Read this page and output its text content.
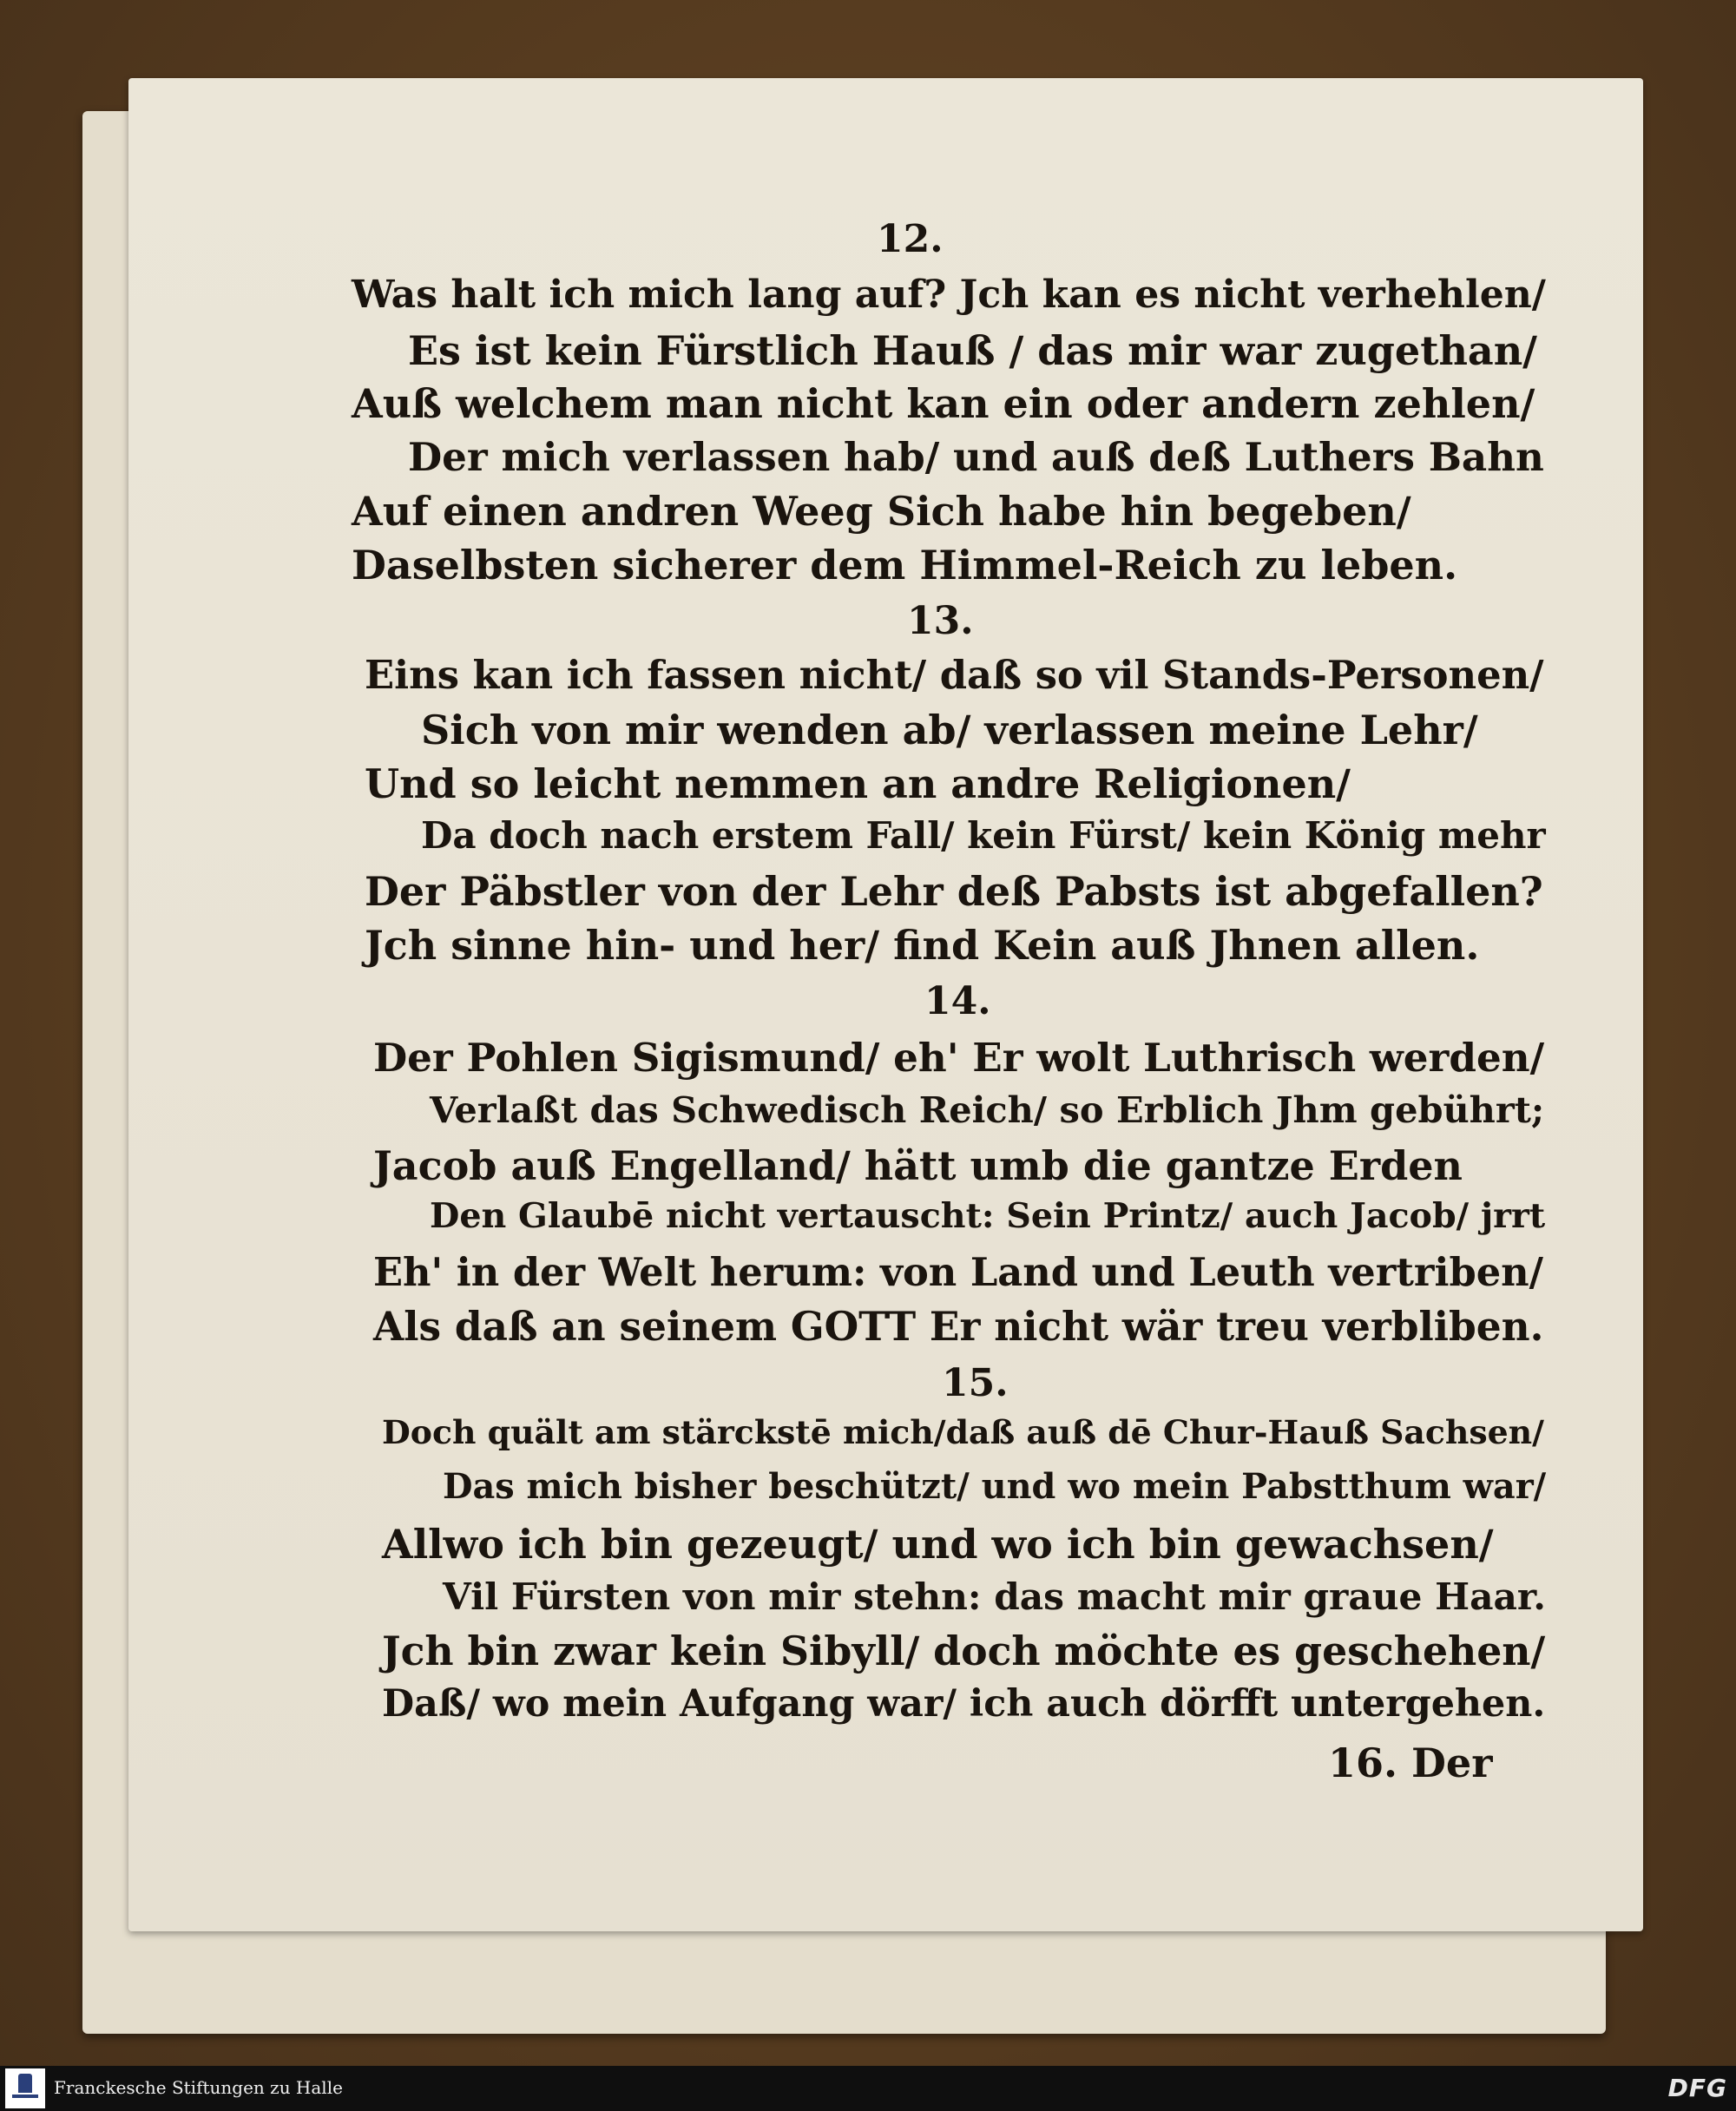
12.
Was halt ich mich lang auf? Jch kan es nicht verhehlen/
Es ist kein Fürstlich Hauß / das mir war zugethan/
Auß welchem man nicht kan ein oder andern zehlen/
Der mich verlassen hab/ und auß deß Luthers Bahn
Auf einen andren Weeg Sich habe hin begeben/
Daselbsten sicherer dem Himmel-Reich zu leben.
13.
Eins kan ich fassen nicht/ daß so vil Stands-Personen/
Sich von mir wenden ab/ verlassen meine Lehr/
Und so leicht nemmen an andre Religionen/
Da doch nach erstem Fall/ kein Fürst/ kein König mehr
Der Päbstler von der Lehr deß Pabsts ist abgefallen?
Jch sinne hin- und her/ find Kein auß Jhnen allen.
14.
Der Pohlen Sigismund/ eh' Er wolt Luthrisch werden/
Verlaßt das Schwedisch Reich/ so Erblich Jhm gebührt;
Jacob auß Engelland/ hätt umb die gantze Erden
Den Glaubē nicht vertauscht: Sein Printz/ auch Jacob/ jrrt
Eh' in der Welt herum: von Land und Leuth vertriben/
Als daß an seinem GOTT Er nicht wär treu verbliben.
15.
Doch quält am stärckstē mich/daß auß dē Chur-Hauß Sachsen/
Das mich bisher beschützt/ und wo mein Pabstthum war/
Allwo ich bin gezeugt/ und wo ich bin gewachsen/
Vil Fürsten von mir stehn: das macht mir graue Haar.
Jch bin zwar kein Sibyll/ doch möchte es geschehen/
Daß/ wo mein Aufgang war/ ich auch dörfft untergehen.
16. Der
Franckesche Stiftungen zu Halle	DFG
